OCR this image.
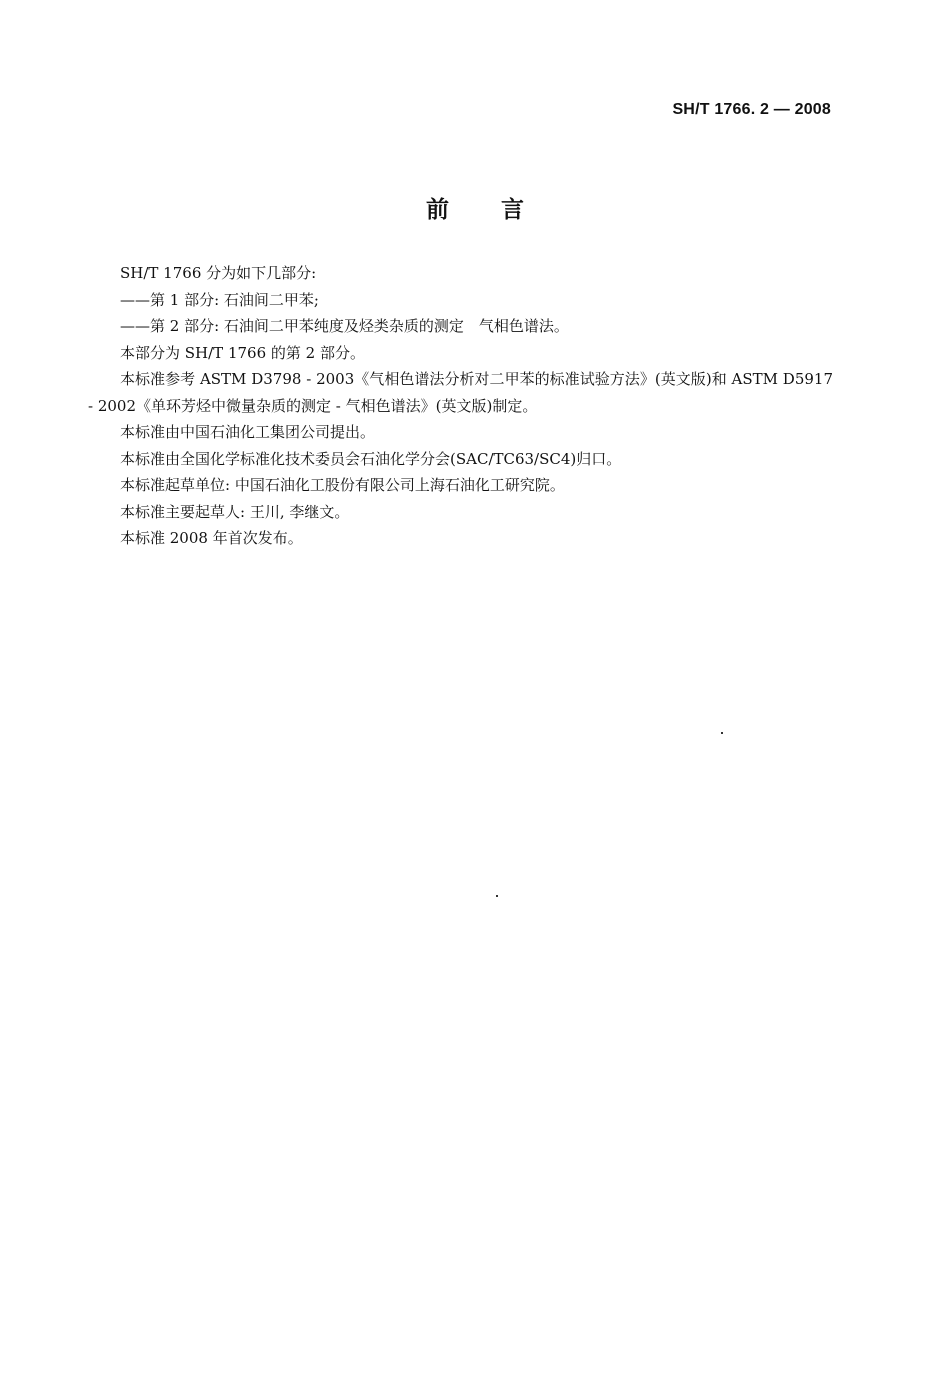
SH/T 1766. 2 — 2008
前 言

SH/T 1766 分为如下几部分:

——第 1 部分: 石油间二甲苯;

——第 2 部分: 石油间二甲苯纯度及烃类杂质的测定　气相色谱法。

本部分为 SH/T 1766 的第 2 部分。

本标准参考 ASTM D3798 - 2003《气相色谱法分析对二甲苯的标准试验方法》(英文版)和 ASTM D5917 - 2002《单环芳烃中微量杂质的测定 - 气相色谱法》(英文版)制定。

本标准由中国石油化工集团公司提出。

本标准由全国化学标准化技术委员会石油化学分会(SAC/TC63/SC4)归口。

本标准起草单位: 中国石油化工股份有限公司上海石油化工研究院。

本标准主要起草人: 王川, 李继文。

本标准 2008 年首次发布。
